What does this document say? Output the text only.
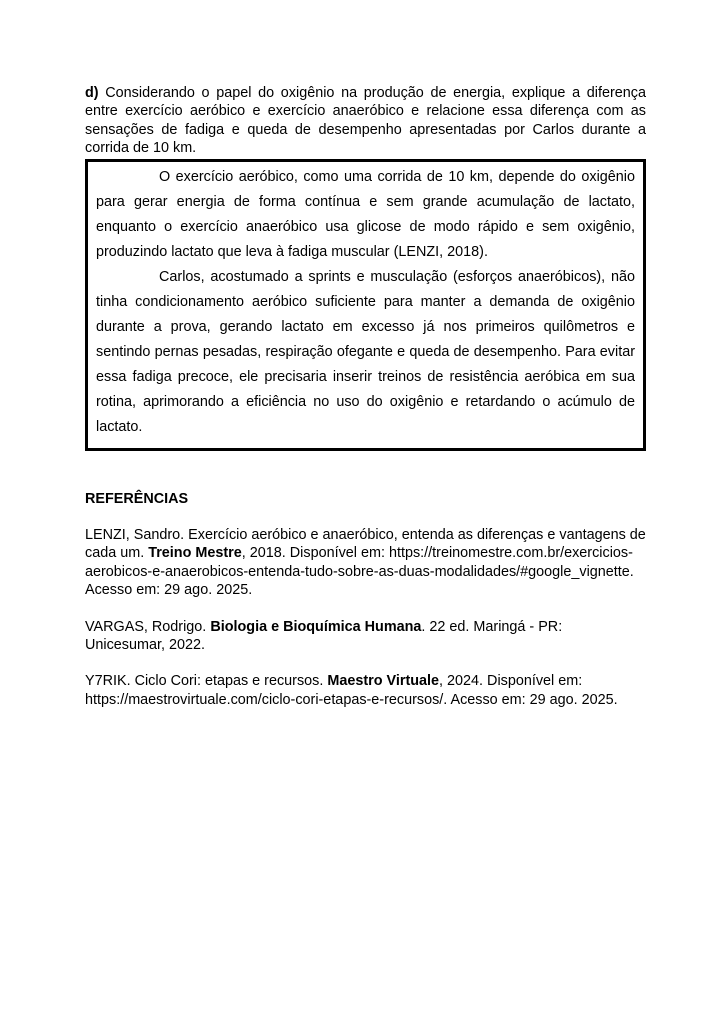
d) Considerando o papel do oxigênio na produção de energia, explique a diferença entre exercício aeróbico e exercício anaeróbico e relacione essa diferença com as sensações de fadiga e queda de desempenho apresentadas por Carlos durante a corrida de 10 km.

O exercício aeróbico, como uma corrida de 10 km, depende do oxigênio para gerar energia de forma contínua e sem grande acumulação de lactato, enquanto o exercício anaeróbico usa glicose de modo rápido e sem oxigênio, produzindo lactato que leva à fadiga muscular (LENZI, 2018).

Carlos, acostumado a sprints e musculação (esforços anaeróbicos), não tinha condicionamento aeróbico suficiente para manter a demanda de oxigênio durante a prova, gerando lactato em excesso já nos primeiros quilômetros e sentindo pernas pesadas, respiração ofegante e queda de desempenho. Para evitar essa fadiga precoce, ele precisaria inserir treinos de resistência aeróbica em sua rotina, aprimorando a eficiência no uso do oxigênio e retardando o acúmulo de lactato.

REFERÊNCIAS
LENZI, Sandro. Exercício aeróbico e anaeróbico, entenda as diferenças e vantagens de cada um. Treino Mestre, 2018. Disponível em: https://treinomestre.com.br/exercicios-aerobicos-e-anaerobicos-entenda-tudo-sobre-as-duas-modalidades/#google_vignette. Acesso em: 29 ago. 2025.
VARGAS, Rodrigo. Biologia e Bioquímica Humana. 22 ed. Maringá - PR: Unicesumar, 2022.
Y7RIK. Ciclo Cori: etapas e recursos. Maestro Virtuale, 2024. Disponível em: https://maestrovirtuale.com/ciclo-cori-etapas-e-recursos/. Acesso em: 29 ago. 2025.
